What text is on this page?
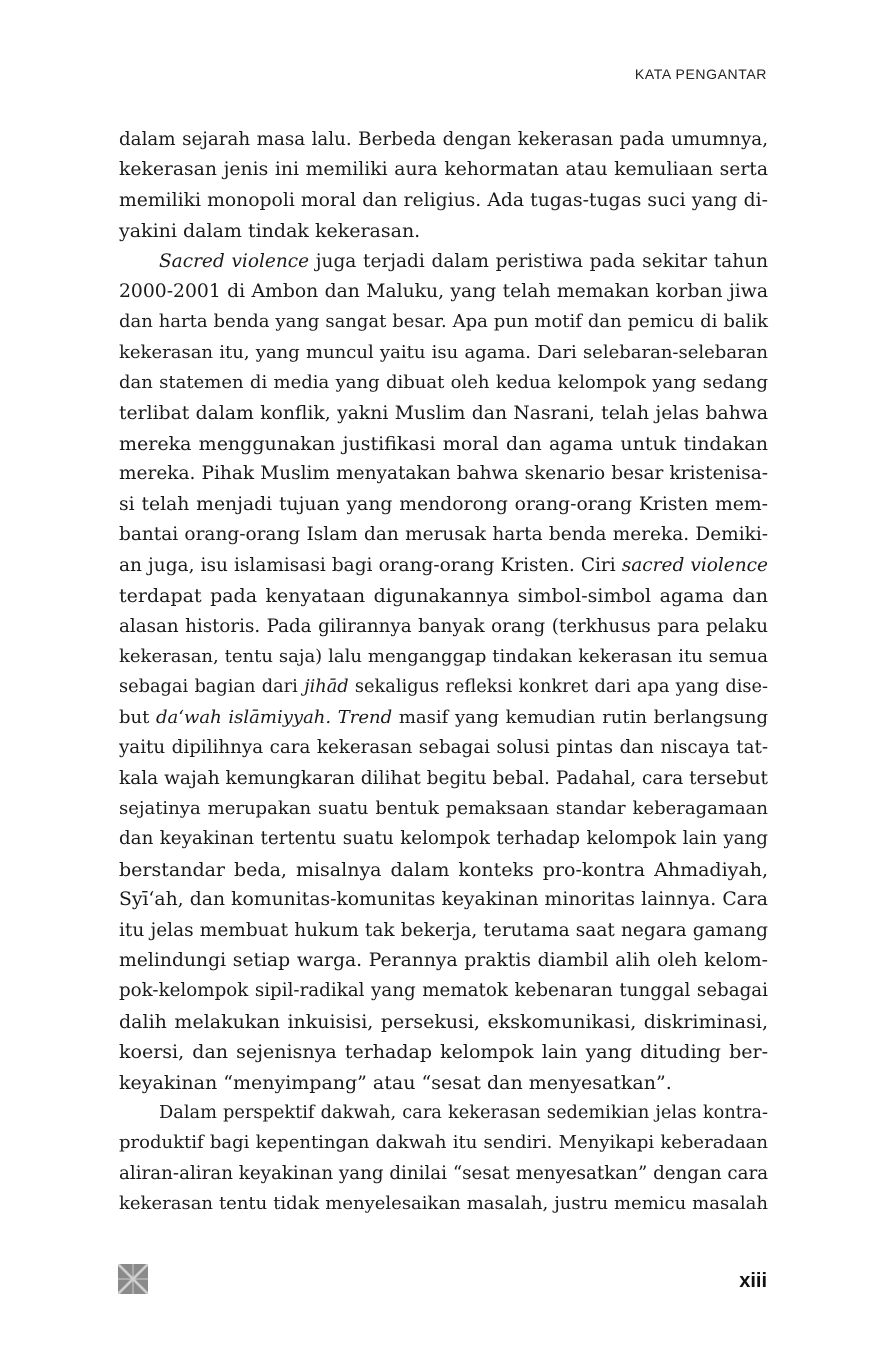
KATA PENGANTAR

dalam sejarah masa lalu. Berbeda dengan kekerasan pada umumnya,
kekerasan jenis ini memiliki aura kehormatan atau kemuliaan serta
memiliki monopoli moral dan religius. Ada tugas-tugas suci yang di-
yakini dalam tindak kekerasan.

Sacred violence juga terjadi dalam peristiwa pada sekitar tahun
2000-2001 di Ambon dan Maluku, yang telah memakan korban jiwa
dan harta benda yang sangat besar. Apa pun motif dan pemicu di balik
kekerasan itu, yang muncul yaitu isu agama. Dari selebaran-selebaran
dan statemen di media yang dibuat oleh kedua kelompok yang sedang
terlibat dalam konflik, yakni Muslim dan Nasrani, telah jelas bahwa
mereka menggunakan justifikasi moral dan agama untuk tindakan
mereka. Pihak Muslim menyatakan bahwa skenario besar kristenisa-
si telah menjadi tujuan yang mendorong orang-orang Kristen mem-
bantai orang-orang Islam dan merusak harta benda mereka. Demiki-
an juga, isu islamisasi bagi orang-orang Kristen. Ciri sacred violence
terdapat pada kenyataan digunakannya simbol-simbol agama dan
alasan historis. Pada gilirannya banyak orang (terkhusus para pelaku
kekerasan, tentu saja) lalu menganggap tindakan kekerasan itu semua
sebagai bagian dari jihād sekaligus refleksi konkret dari apa yang dise-
but da‘wah islāmiyyah. Trend masif yang kemudian rutin berlangsung
yaitu dipilihnya cara kekerasan sebagai solusi pintas dan niscaya tat-
kala wajah kemungkaran dilihat begitu bebal. Padahal, cara tersebut
sejatinya merupakan suatu bentuk pemaksaan standar keberagamaan
dan keyakinan tertentu suatu kelompok terhadap kelompok lain yang
berstandar beda, misalnya dalam konteks pro-kontra Ahmadiyah,
Syī‘ah, dan komunitas-komunitas keyakinan minoritas lainnya. Cara
itu jelas membuat hukum tak bekerja, terutama saat negara gamang
melindungi setiap warga. Perannya praktis diambil alih oleh kelom-
pok-kelompok sipil-radikal yang mematok kebenaran tunggal sebagai
dalih melakukan inkuisisi, persekusi, ekskomunikasi, diskriminasi,
koersi, dan sejenisnya terhadap kelompok lain yang dituding ber-
keyakinan “menyimpang” atau “sesat dan menyesatkan”.

Dalam perspektif dakwah, cara kekerasan sedemikian jelas kontra-
produktif bagi kepentingan dakwah itu sendiri. Menyikapi keberadaan
aliran-aliran keyakinan yang dinilai “sesat menyesatkan” dengan cara
kekerasan tentu tidak menyelesaikan masalah, justru memicu masalah

xiii
